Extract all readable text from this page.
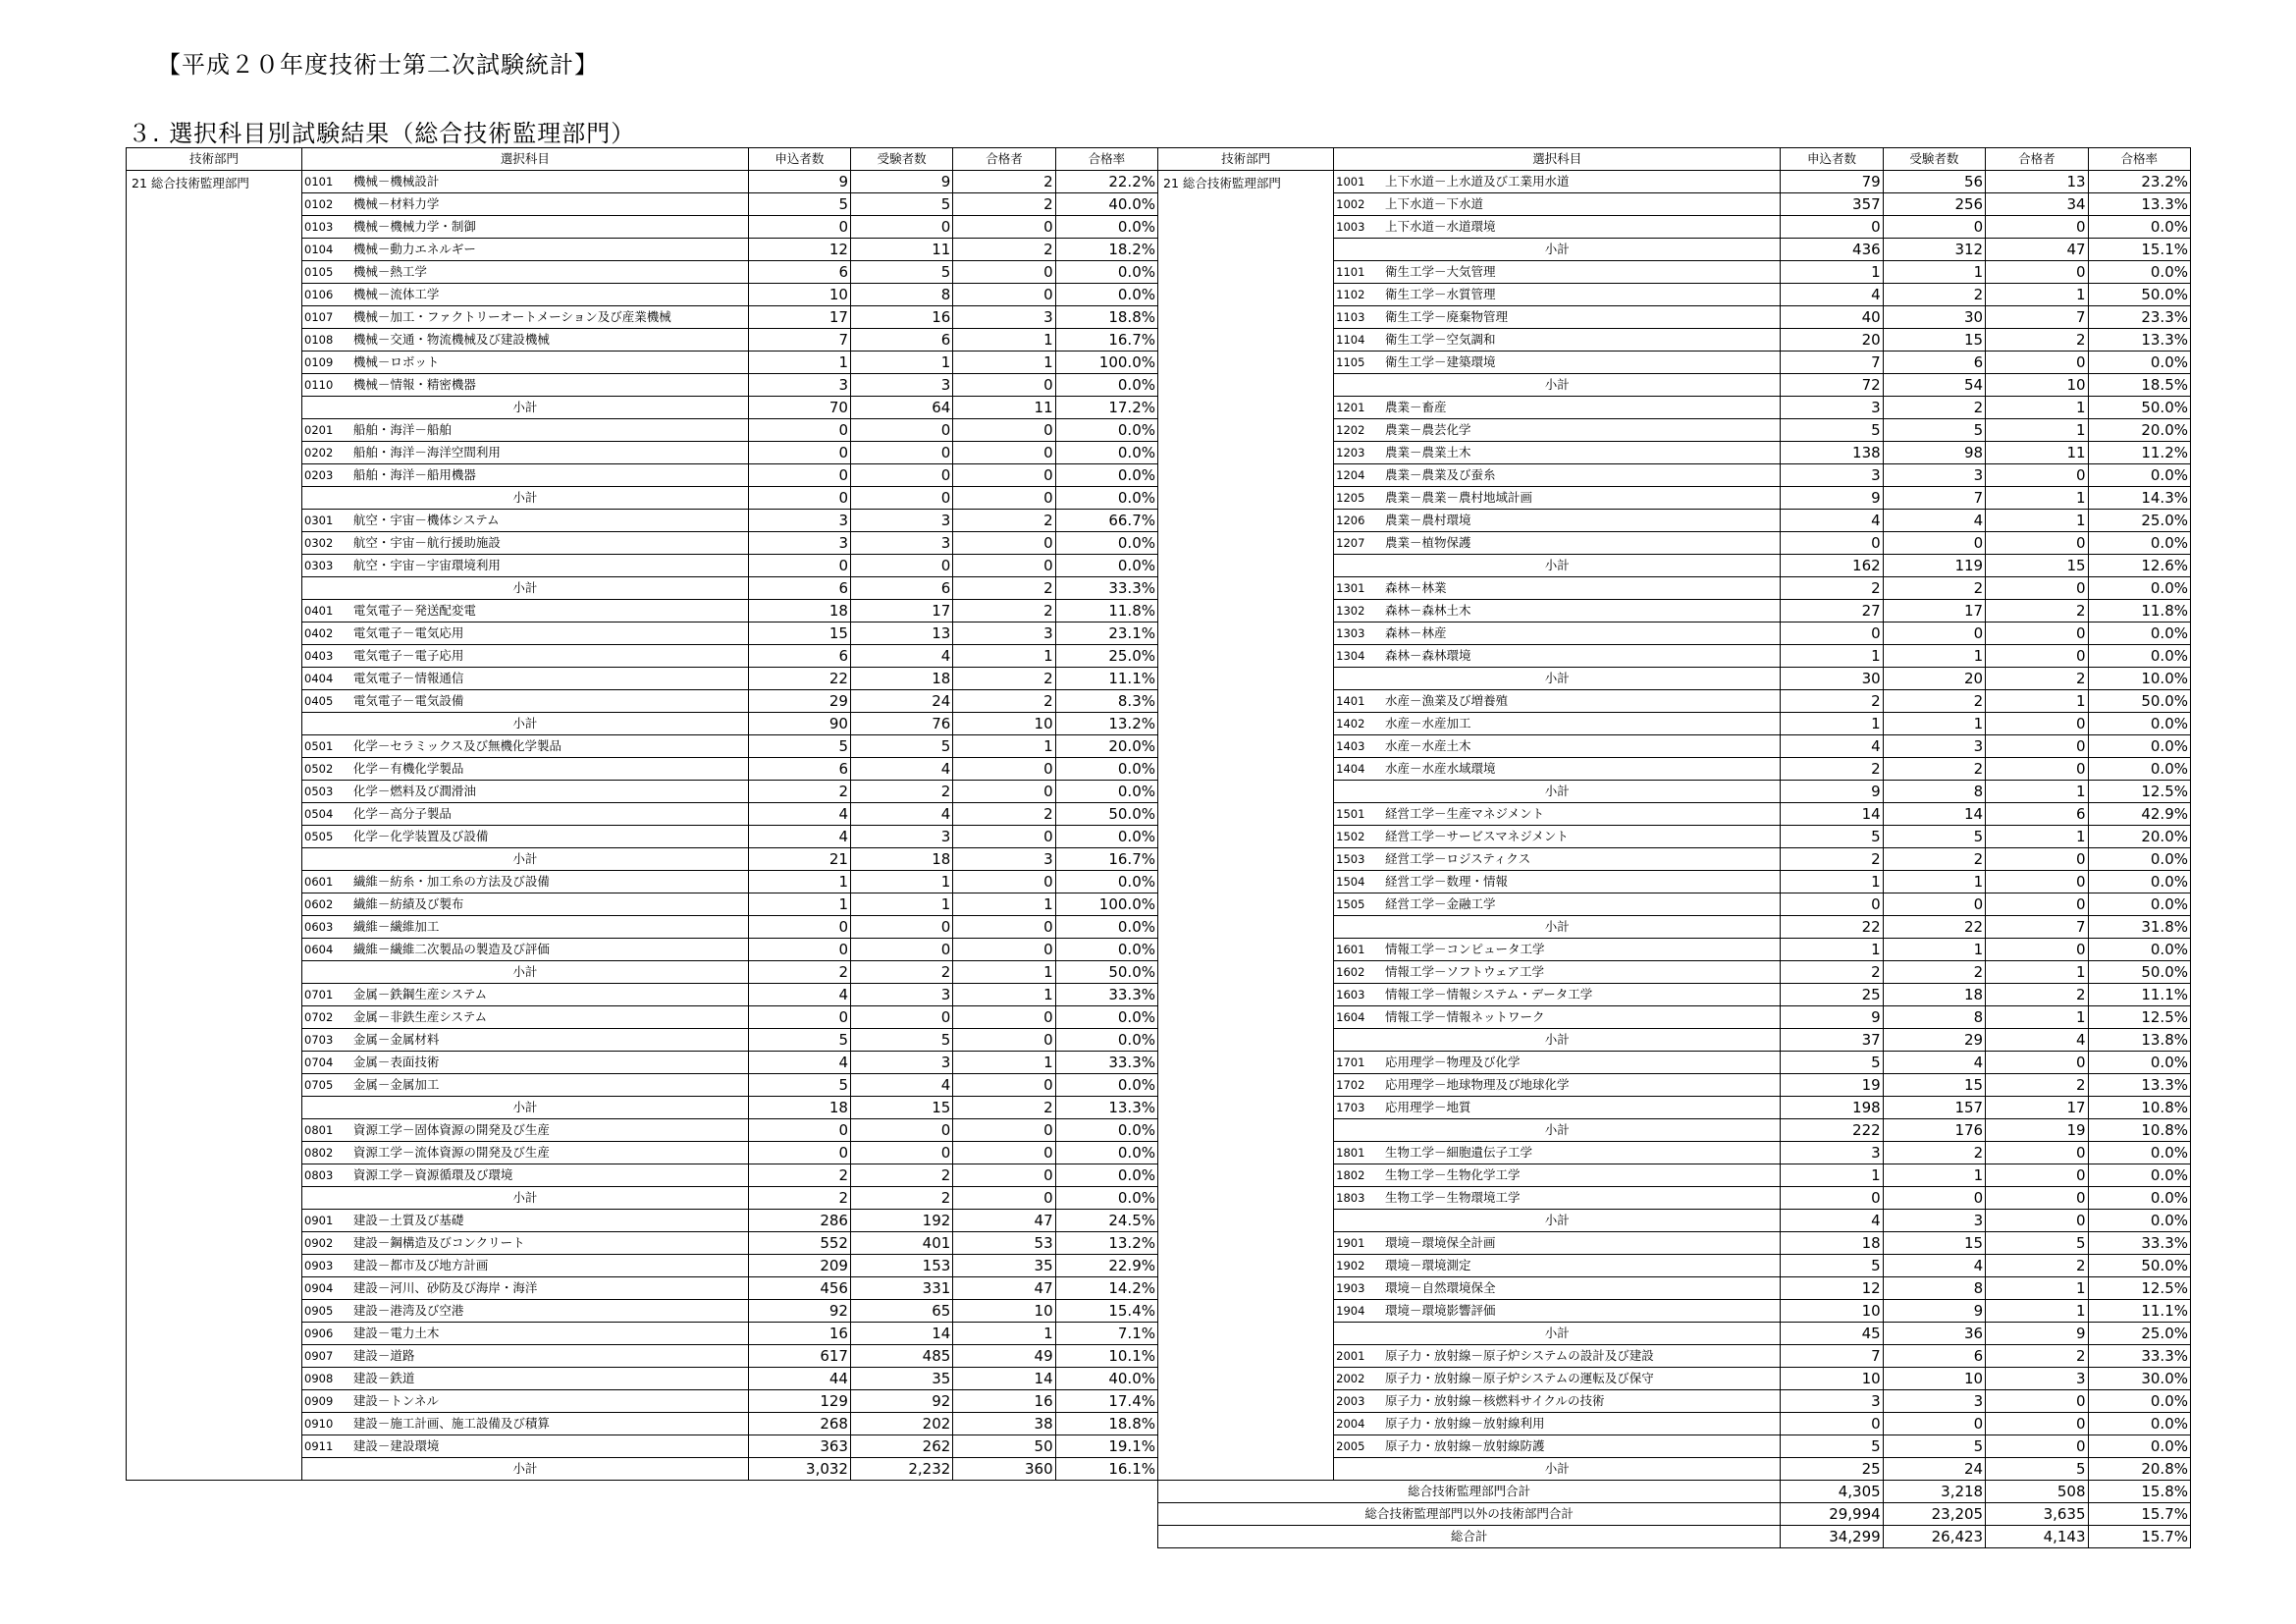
【平成２０年度技術士第二次試験統計】
３. 選択科目別試験結果（総合技術監理部門）
技術部門	選択科目		申込者数	受験者数	合格者	合格率
21 総合技術監理部門	0101	機械－機械設計	9	9	2	22.2%
	0102	機械－材料力学	5	5	2	40.0%
	0103	機械－機械力学・制御	0	0	0	0.0%
	0104	機械－動力エネルギー	12	11	2	18.2%
	0105	機械－熱工学	6	5	0	0.0%
	0106	機械－流体工学	10	8	0	0.0%
	0107	機械－加工・ファクトリーオートメーション及び産業機械	17	16	3	18.8%
	0108	機械－交通・物流機械及び建設機械	7	6	1	16.7%
	0109	機械－ロボット	1	1	1	100.0%
	0110	機械－情報・精密機器	3	3	0	0.0%
	小計		70	64	11	17.2%
	0201	船舶・海洋－船舶	0	0	0	0.0%
	0202	船舶・海洋－海洋空間利用	0	0	0	0.0%
	0203	船舶・海洋－船用機器	0	0	0	0.0%
	小計		0	0	0	0.0%
	0301	航空・宇宙－機体システム	3	3	2	66.7%
	0302	航空・宇宙－航行援助施設	3	3	0	0.0%
	0303	航空・宇宙－宇宙環境利用	0	0	0	0.0%
	小計		6	6	2	33.3%
	0401	電気電子－発送配変電	18	17	2	11.8%
	0402	電気電子－電気応用	15	13	3	23.1%
	0403	電気電子－電子応用	6	4	1	25.0%
	0404	電気電子－情報通信	22	18	2	11.1%
	0405	電気電子－電気設備	29	24	2	8.3%
	小計		90	76	10	13.2%
	0501	化学－セラミックス及び無機化学製品	5	5	1	20.0%
	0502	化学－有機化学製品	6	4	0	0.0%
	0503	化学－燃料及び潤滑油	2	2	0	0.0%
	0504	化学－高分子製品	4	4	2	50.0%
	0505	化学－化学装置及び設備	4	3	0	0.0%
	小計		21	18	3	16.7%
	0601	繊維－紡糸・加工糸の方法及び設備	1	1	0	0.0%
	0602	繊維－紡績及び製布	1	1	1	100.0%
	0603	繊維－繊維加工	0	0	0	0.0%
	0604	繊維－繊維二次製品の製造及び評価	0	0	0	0.0%
	小計		2	2	1	50.0%
	0701	金属－鉄鋼生産システム	4	3	1	33.3%
	0702	金属－非鉄生産システム	0	0	0	0.0%
	0703	金属－金属材料	5	5	0	0.0%
	0704	金属－表面技術	4	3	1	33.3%
	0705	金属－金属加工	5	4	0	0.0%
	小計		18	15	2	13.3%
	0801	資源工学－固体資源の開発及び生産	0	0	0	0.0%
	0802	資源工学－流体資源の開発及び生産	0	0	0	0.0%
	0803	資源工学－資源循環及び環境	2	2	0	0.0%
	小計		2	2	0	0.0%
	0901	建設－土質及び基礎	286	192	47	24.5%
	0902	建設－鋼構造及びコンクリート	552	401	53	13.2%
	0903	建設－都市及び地方計画	209	153	35	22.9%
	0904	建設－河川、砂防及び海岸・海洋	456	331	47	14.2%
	0905	建設－港湾及び空港	92	65	10	15.4%
	0906	建設－電力土木	16	14	1	7.1%
	0907	建設－道路	617	485	49	10.1%
	0908	建設－鉄道	44	35	14	40.0%
	0909	建設－トンネル	129	92	16	17.4%
	0910	建設－施工計画、施工設備及び積算	268	202	38	18.8%
	0911	建設－建設環境	363	262	50	19.1%
	小計		3,032	2,232	360	16.1%
技術部門	選択科目		申込者数	受験者数	合格者	合格率
21 総合技術監理部門	1001	上下水道－上水道及び工業用水道	79	56	13	23.2%
	1002	上下水道－下水道	357	256	34	13.3%
	1003	上下水道－水道環境	0	0	0	0.0%
	小計		436	312	47	15.1%
	1101	衛生工学－大気管理	1	1	0	0.0%
	1102	衛生工学－水質管理	4	2	1	50.0%
	1103	衛生工学－廃棄物管理	40	30	7	23.3%
	1104	衛生工学－空気調和	20	15	2	13.3%
	1105	衛生工学－建築環境	7	6	0	0.0%
	小計		72	54	10	18.5%
	1201	農業－畜産	3	2	1	50.0%
	1202	農業－農芸化学	5	5	1	20.0%
	1203	農業－農業土木	138	98	11	11.2%
	1204	農業－農業及び蚕糸	3	3	0	0.0%
	1205	農業－農業－農村地域計画	9	7	1	14.3%
	1206	農業－農村環境	4	4	1	25.0%
	1207	農業－植物保護	0	0	0	0.0%
	小計		162	119	15	12.6%
	1301	森林－林業	2	2	0	0.0%
	1302	森林－森林土木	27	17	2	11.8%
	1303	森林－林産	0	0	0	0.0%
	1304	森林－森林環境	1	1	0	0.0%
	小計		30	20	2	10.0%
	1401	水産－漁業及び増養殖	2	2	1	50.0%
	1402	水産－水産加工	1	1	0	0.0%
	1403	水産－水産土木	4	3	0	0.0%
	1404	水産－水産水域環境	2	2	0	0.0%
	小計		9	8	1	12.5%
	1501	経営工学－生産マネジメント	14	14	6	42.9%
	1502	経営工学－サービスマネジメント	5	5	1	20.0%
	1503	経営工学－ロジスティクス	2	2	0	0.0%
	1504	経営工学－数理・情報	1	1	0	0.0%
	1505	経営工学－金融工学	0	0	0	0.0%
	小計		22	22	7	31.8%
	1601	情報工学－コンピュータ工学	1	1	0	0.0%
	1602	情報工学－ソフトウェア工学	2	2	1	50.0%
	1603	情報工学－情報システム・データ工学	25	18	2	11.1%
	1604	情報工学－情報ネットワーク	9	8	1	12.5%
	小計		37	29	4	13.8%
	1701	応用理学－物理及び化学	5	4	0	0.0%
	1702	応用理学－地球物理及び地球化学	19	15	2	13.3%
	1703	応用理学－地質	198	157	17	10.8%
	小計		222	176	19	10.8%
	1801	生物工学－細胞遺伝子工学	3	2	0	0.0%
	1802	生物工学－生物化学工学	1	1	0	0.0%
	1803	生物工学－生物環境工学	0	0	0	0.0%
	小計		4	3	0	0.0%
	1901	環境－環境保全計画	18	15	5	33.3%
	1902	環境－環境測定	5	4	2	50.0%
	1903	環境－自然環境保全	12	8	1	12.5%
	1904	環境－環境影響評価	10	9	1	11.1%
	小計		45	36	9	25.0%
	2001	原子力・放射線－原子炉システムの設計及び建設	7	6	2	33.3%
	2002	原子力・放射線－原子炉システムの運転及び保守	10	10	3	30.0%
	2003	原子力・放射線－核燃料サイクルの技術	3	3	0	0.0%
	2004	原子力・放射線－放射線利用	0	0	0	0.0%
	2005	原子力・放射線－放射線防護	5	5	0	0.0%
	小計		25	24	5	20.8%
総合技術監理部門合計			4,305	3,218	508	15.8%
総合技術監理部門以外の技術部門合計			29,994	23,205	3,635	15.7%
総合計			34,299	26,423	4,143	15.7%
